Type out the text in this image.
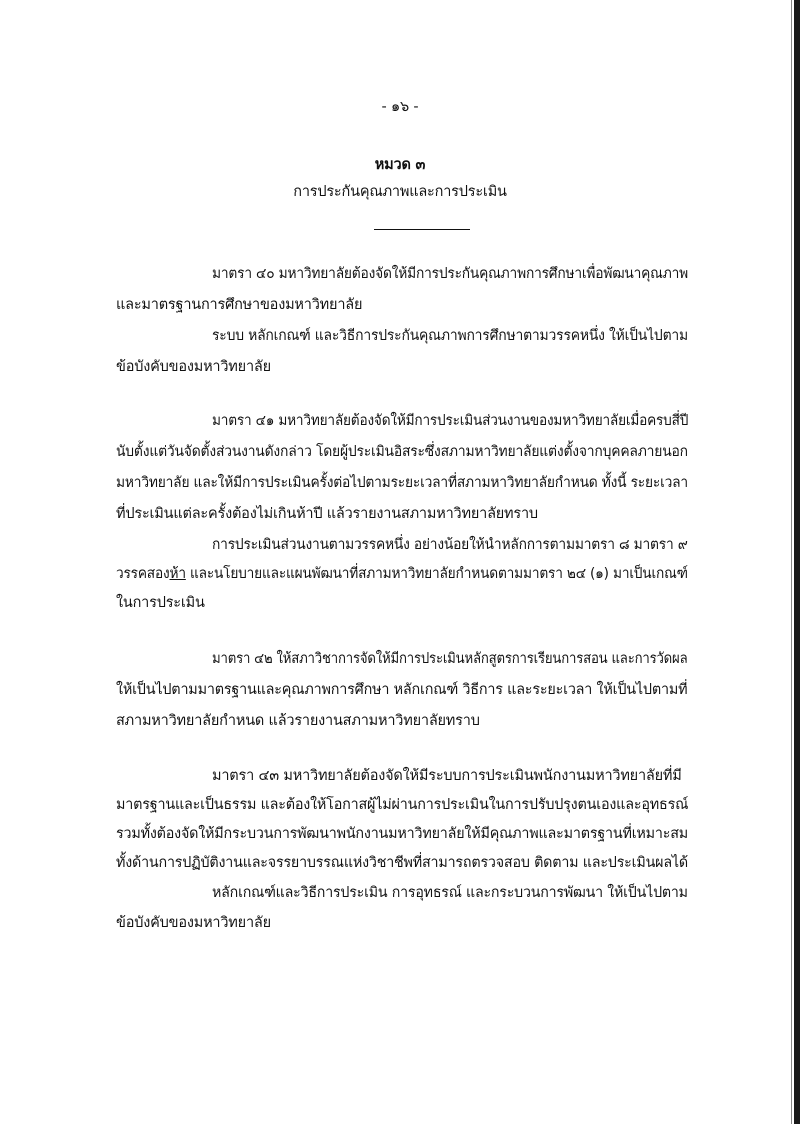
- ๑๖ -
หมวด ๓
การประกันคุณภาพและการประเมิน
มาตรา ๔๐ มหาวิทยาลัยต้องจัดให้มีการประกันคุณภาพการศึกษาเพื่อพัฒนาคุณภาพ
และมาตรฐานการศึกษาของมหาวิทยาลัย
ระบบ หลักเกณฑ์ และวิธีการประกันคุณภาพการศึกษาตามวรรคหนึ่ง ให้เป็นไปตาม
ข้อบังคับของมหาวิทยาลัย
มาตรา ๔๑ มหาวิทยาลัยต้องจัดให้มีการประเมินส่วนงานของมหาวิทยาลัยเมื่อครบสี่ปี
นับตั้งแต่วันจัดตั้งส่วนงานดังกล่าว โดยผู้ประเมินอิสระซึ่งสภามหาวิทยาลัยแต่งตั้งจากบุคคลภายนอก
มหาวิทยาลัย และให้มีการประเมินครั้งต่อไปตามระยะเวลาที่สภามหาวิทยาลัยกำหนด ทั้งนี้ ระยะเวลา
ที่ประเมินแต่ละครั้งต้องไม่เกินห้าปี แล้วรายงานสภามหาวิทยาลัยทราบ
การประเมินส่วนงานตามวรรคหนึ่ง อย่างน้อยให้นำหลักการตามมาตรา ๘ มาตรา ๙
วรรคสองห้า และนโยบายและแผนพัฒนาที่สภามหาวิทยาลัยกำหนดตามมาตรา ๒๔ (๑) มาเป็นเกณฑ์
ในการประเมิน
มาตรา ๔๒ ให้สภาวิชาการจัดให้มีการประเมินหลักสูตรการเรียนการสอน และการวัดผล
ให้เป็นไปตามมาตรฐานและคุณภาพการศึกษา หลักเกณฑ์ วิธีการ และระยะเวลา ให้เป็นไปตามที่
สภามหาวิทยาลัยกำหนด แล้วรายงานสภามหาวิทยาลัยทราบ
มาตรา ๔๓ มหาวิทยาลัยต้องจัดให้มีระบบการประเมินพนักงานมหาวิทยาลัยที่มี
มาตรฐานและเป็นธรรม และต้องให้โอกาสผู้ไม่ผ่านการประเมินในการปรับปรุงตนเองและอุทธรณ์
รวมทั้งต้องจัดให้มีกระบวนการพัฒนาพนักงานมหาวิทยาลัยให้มีคุณภาพและมาตรฐานที่เหมาะสม
ทั้งด้านการปฏิบัติงานและจรรยาบรรณแห่งวิชาชีพที่สามารถตรวจสอบ ติดตาม และประเมินผลได้
หลักเกณฑ์และวิธีการประเมิน การอุทธรณ์ และกระบวนการพัฒนา ให้เป็นไปตาม
ข้อบังคับของมหาวิทยาลัย
